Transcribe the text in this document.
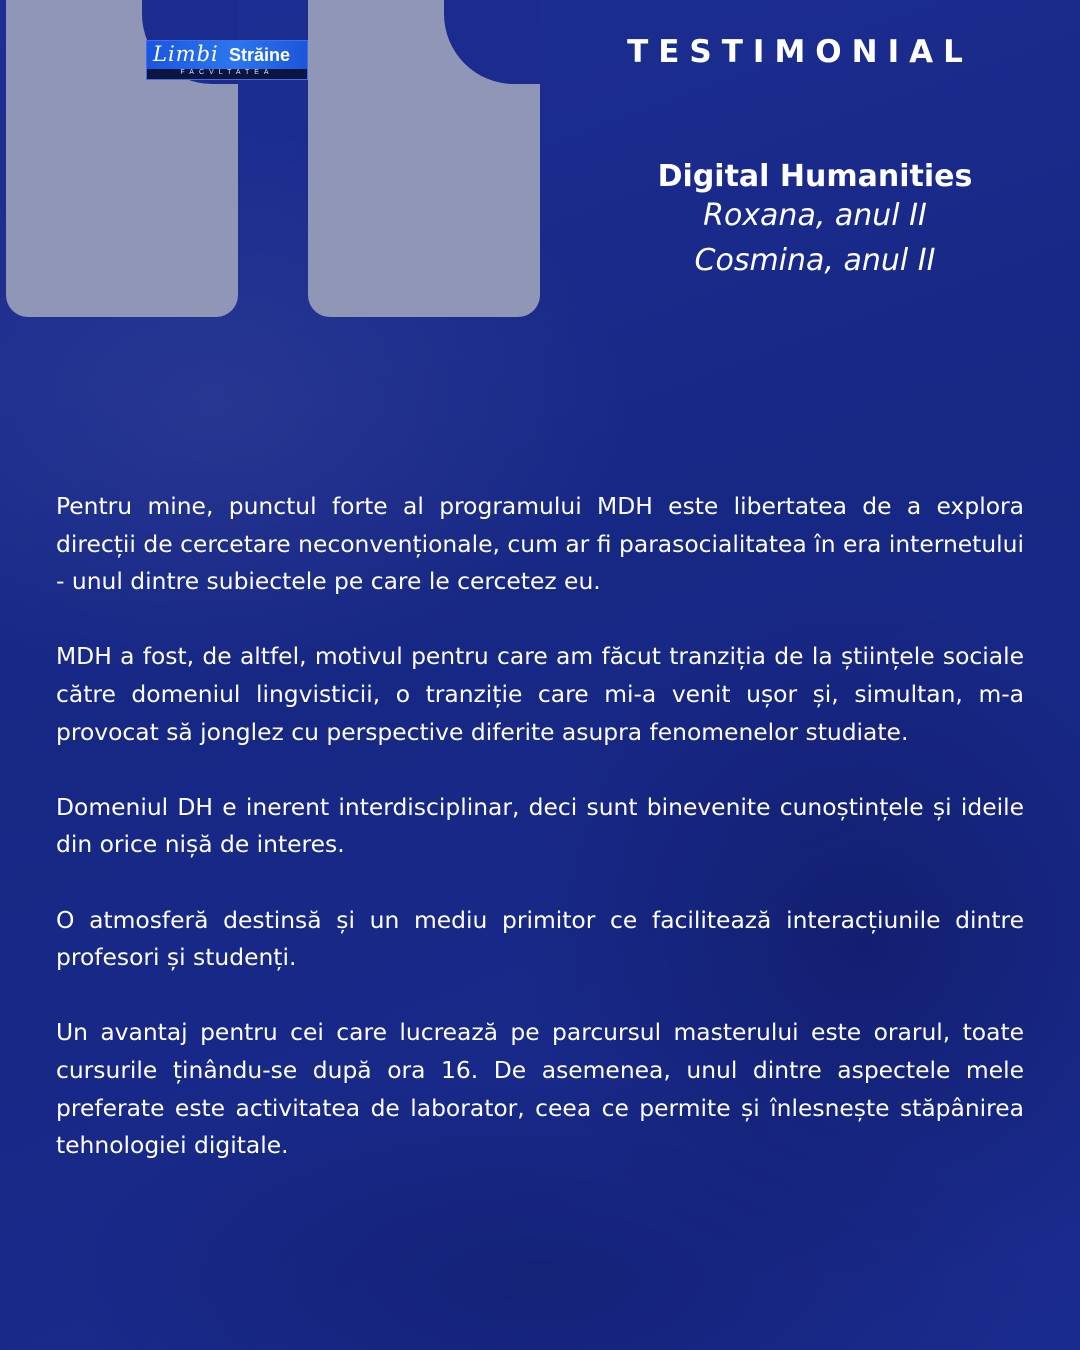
Limbi Străine
FACVLTATEA
TESTIMONIAL
Digital Humanities
Roxana, anul II
Cosmina, anul II

Pentru mine, punctul forte al programului MDH este libertatea de a explora direcții de cercetare neconvenționale, cum ar fi parasocialitatea în era internetului - unul dintre subiectele pe care le cercetez eu.

MDH a fost, de altfel, motivul pentru care am făcut tranziția de la științele sociale către domeniul lingvisticii, o tranziție care mi-a venit ușor și, simultan, m-a provocat să jonglez cu perspective diferite asupra fenomenelor studiate.

Domeniul DH e inerent interdisciplinar, deci sunt binevenite cunoștințele și ideile din orice nișă de interes.

O atmosferă destinsă și un mediu primitor ce facilitează interacțiunile dintre profesori și studenți.

Un avantaj pentru cei care lucrează pe parcursul masterului este orarul, toate cursurile ținându-se după ora 16. De asemenea, unul dintre aspectele mele preferate este activitatea de laborator, ceea ce permite și înlesnește stăpânirea tehnologiei digitale.
